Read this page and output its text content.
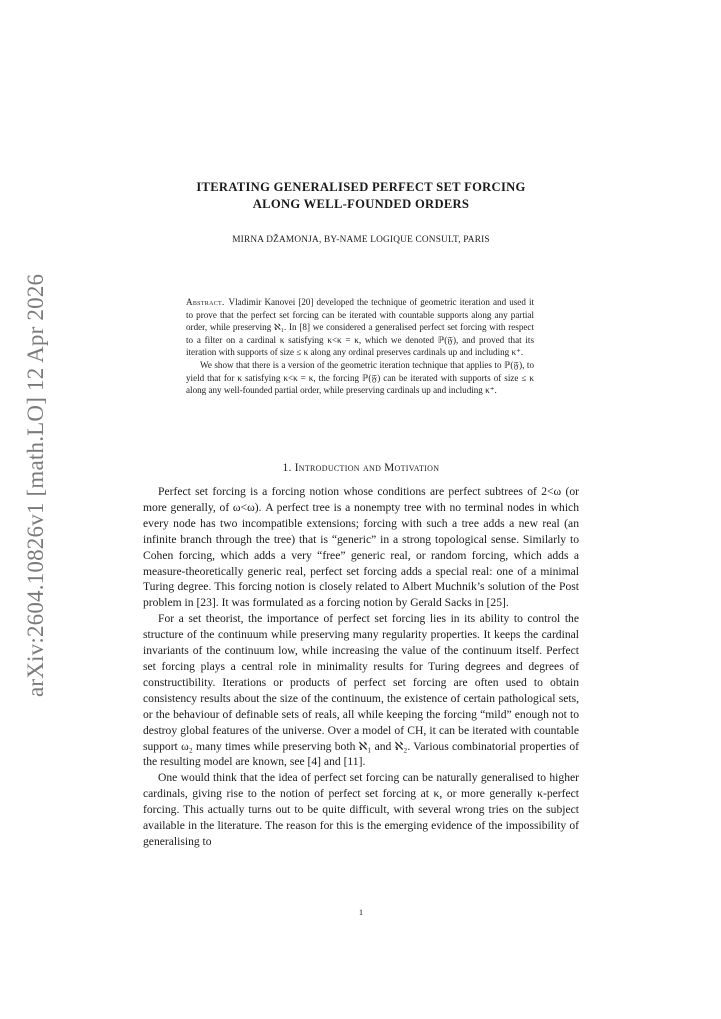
arXiv:2604.10826v1 [math.LO] 12 Apr 2026
ITERATING GENERALISED PERFECT SET FORCING
ALONG WELL-FOUNDED ORDERS
MIRNA DŽAMONJA, BY-NAME LOGIQUE CONSULT, PARIS

Abstract. Vladimir Kanovei [20] developed the technique of geometric iteration and used it to prove that the perfect set forcing can be iterated with countable supports along any partial order, while preserving ℵ₁. In [8] we considered a generalised perfect set forcing with respect to a filter on a cardinal κ satisfying κ<κ = κ, which we denoted ℙ(𝔉), and proved that its iteration with supports of size ≤ κ along any ordinal preserves cardinals up and including κ⁺.

We show that there is a version of the geometric iteration technique that applies to ℙ(𝔉), to yield that for κ satisfying κ<κ = κ, the forcing ℙ(𝔉) can be iterated with supports of size ≤ κ along any well-founded partial order, while preserving cardinals up and including κ⁺.

1. Introduction and Motivation

Perfect set forcing is a forcing notion whose conditions are perfect subtrees of 2<ω (or more generally, of ω<ω). A perfect tree is a nonempty tree with no terminal nodes in which every node has two incompatible extensions; forcing with such a tree adds a new real (an infinite branch through the tree) that is “generic” in a strong topological sense. Similarly to Cohen forcing, which adds a very “free” generic real, or random forcing, which adds a measure-theoretically generic real, perfect set forcing adds a special real: one of a minimal Turing degree. This forcing notion is closely related to Albert Muchnik’s solution of the Post problem in [23]. It was formulated as a forcing notion by Gerald Sacks in [25].

For a set theorist, the importance of perfect set forcing lies in its ability to control the structure of the continuum while preserving many regularity properties. It keeps the cardinal invariants of the continuum low, while increasing the value of the continuum itself. Perfect set forcing plays a central role in minimality results for Turing degrees and degrees of constructibility. Iterations or products of perfect set forcing are often used to obtain consistency results about the size of the continuum, the existence of certain pathological sets, or the behaviour of definable sets of reals, all while keeping the forcing “mild” enough not to destroy global features of the universe. Over a model of CH, it can be iterated with countable support ω₂ many times while preserving both ℵ₁ and ℵ₂. Various combinatorial properties of the resulting model are known, see [4] and [11].

One would think that the idea of perfect set forcing can be naturally generalised to higher cardinals, giving rise to the notion of perfect set forcing at κ, or more generally κ-perfect forcing. This actually turns out to be quite difficult, with several wrong tries on the subject available in the literature. The reason for this is the emerging evidence of the impossibility of generalising to

1
